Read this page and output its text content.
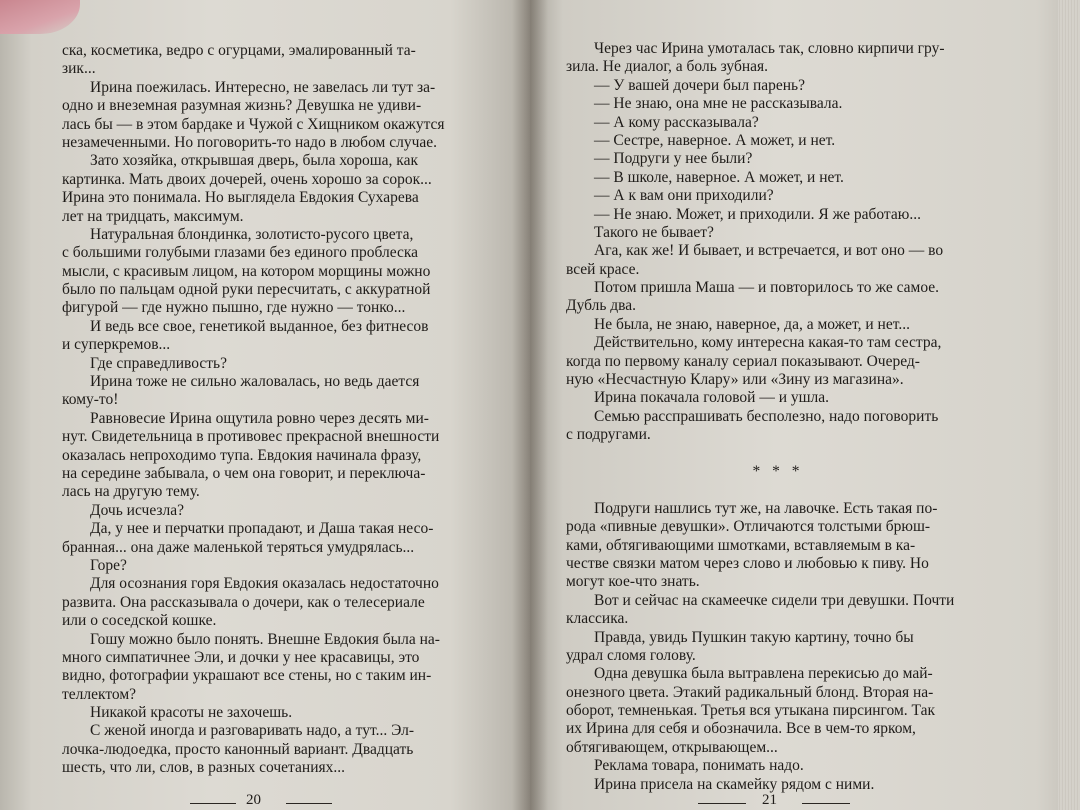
ска, косметика, ведро с огурцами, эмалированный та-
зик...
Ирина поежилась. Интересно, не завелась ли тут за-
одно и внеземная разумная жизнь? Девушка не удиви-
лась бы — в этом бардаке и Чужой с Хищником окажутся
незамеченными. Но поговорить-то надо в любом случае.
Зато хозяйка, открывшая дверь, была хороша, как
картинка. Мать двоих дочерей, очень хорошо за сорок...
Ирина это понимала. Но выглядела Евдокия Сухарева
лет на тридцать, максимум.
Натуральная блондинка, золотисто-русого цвета,
с большими голубыми глазами без единого проблеска
мысли, с красивым лицом, на котором морщины можно
было по пальцам одной руки пересчитать, с аккуратной
фигурой — где нужно пышно, где нужно — тонко...
И ведь все свое, генетикой выданное, без фитнесов
и суперкремов...
Где справедливость?
Ирина тоже не сильно жаловалась, но ведь дается
кому-то!
Равновесие Ирина ощутила ровно через десять ми-
нут. Свидетельница в противовес прекрасной внешности
оказалась непроходимо тупа. Евдокия начинала фразу,
на середине забывала, о чем она говорит, и переключа-
лась на другую тему.
Дочь исчезла?
Да, у нее и перчатки пропадают, и Даша такая несо-
бранная... она даже маленькой теряться умудрялась...
Горе?
Для осознания горя Евдокия оказалась недостаточно
развита. Она рассказывала о дочери, как о телесериале
или о соседской кошке.
Гошу можно было понять. Внешне Евдокия была на-
много симпатичнее Эли, и дочки у нее красавицы, это
видно, фотографии украшают все стены, но с таким ин-
теллектом?
Никакой красоты не захочешь.
С женой иногда и разговаривать надо, а тут... Эл-
лочка-людоедка, просто канонный вариант. Двадцать
шесть, что ли, слов, в разных сочетаниях...
20
Через час Ирина умоталась так, словно кирпичи гру-
зила. Не диалог, а боль зубная.
— У вашей дочери был парень?
— Не знаю, она мне не рассказывала.
— А кому рассказывала?
— Сестре, наверное. А может, и нет.
— Подруги у нее были?
— В школе, наверное. А может, и нет.
— А к вам они приходили?
— Не знаю. Может, и приходили. Я же работаю...
Такого не бывает?
Ага, как же! И бывает, и встречается, и вот оно — во
всей красе.
Потом пришла Маша — и повторилось то же самое.
Дубль два.
Не была, не знаю, наверное, да, а может, и нет...
Действительно, кому интересна какая-то там сестра,
когда по первому каналу сериал показывают. Очеред-
ную «Несчастную Клару» или «Зину из магазина».
Ирина покачала головой — и ушла.
Семью расспрашивать бесполезно, надо поговорить
с подругами.
* * *
Подруги нашлись тут же, на лавочке. Есть такая по-
рода «пивные девушки». Отличаются толстыми брюш-
ками, обтягивающими шмотками, вставляемым в ка-
честве связки матом через слово и любовью к пиву. Но
могут кое-что знать.
Вот и сейчас на скамеечке сидели три девушки. Почти
классика.
Правда, увидь Пушкин такую картину, точно бы
удрал сломя голову.
Одна девушка была вытравлена перекисью до май-
онезного цвета. Этакий радикальный блонд. Вторая на-
оборот, темненькая. Третья вся утыкана пирсингом. Так
их Ирина для себя и обозначила. Все в чем-то ярком,
обтягивающем, открывающем...
Реклама товара, понимать надо.
Ирина присела на скамейку рядом с ними.
21
